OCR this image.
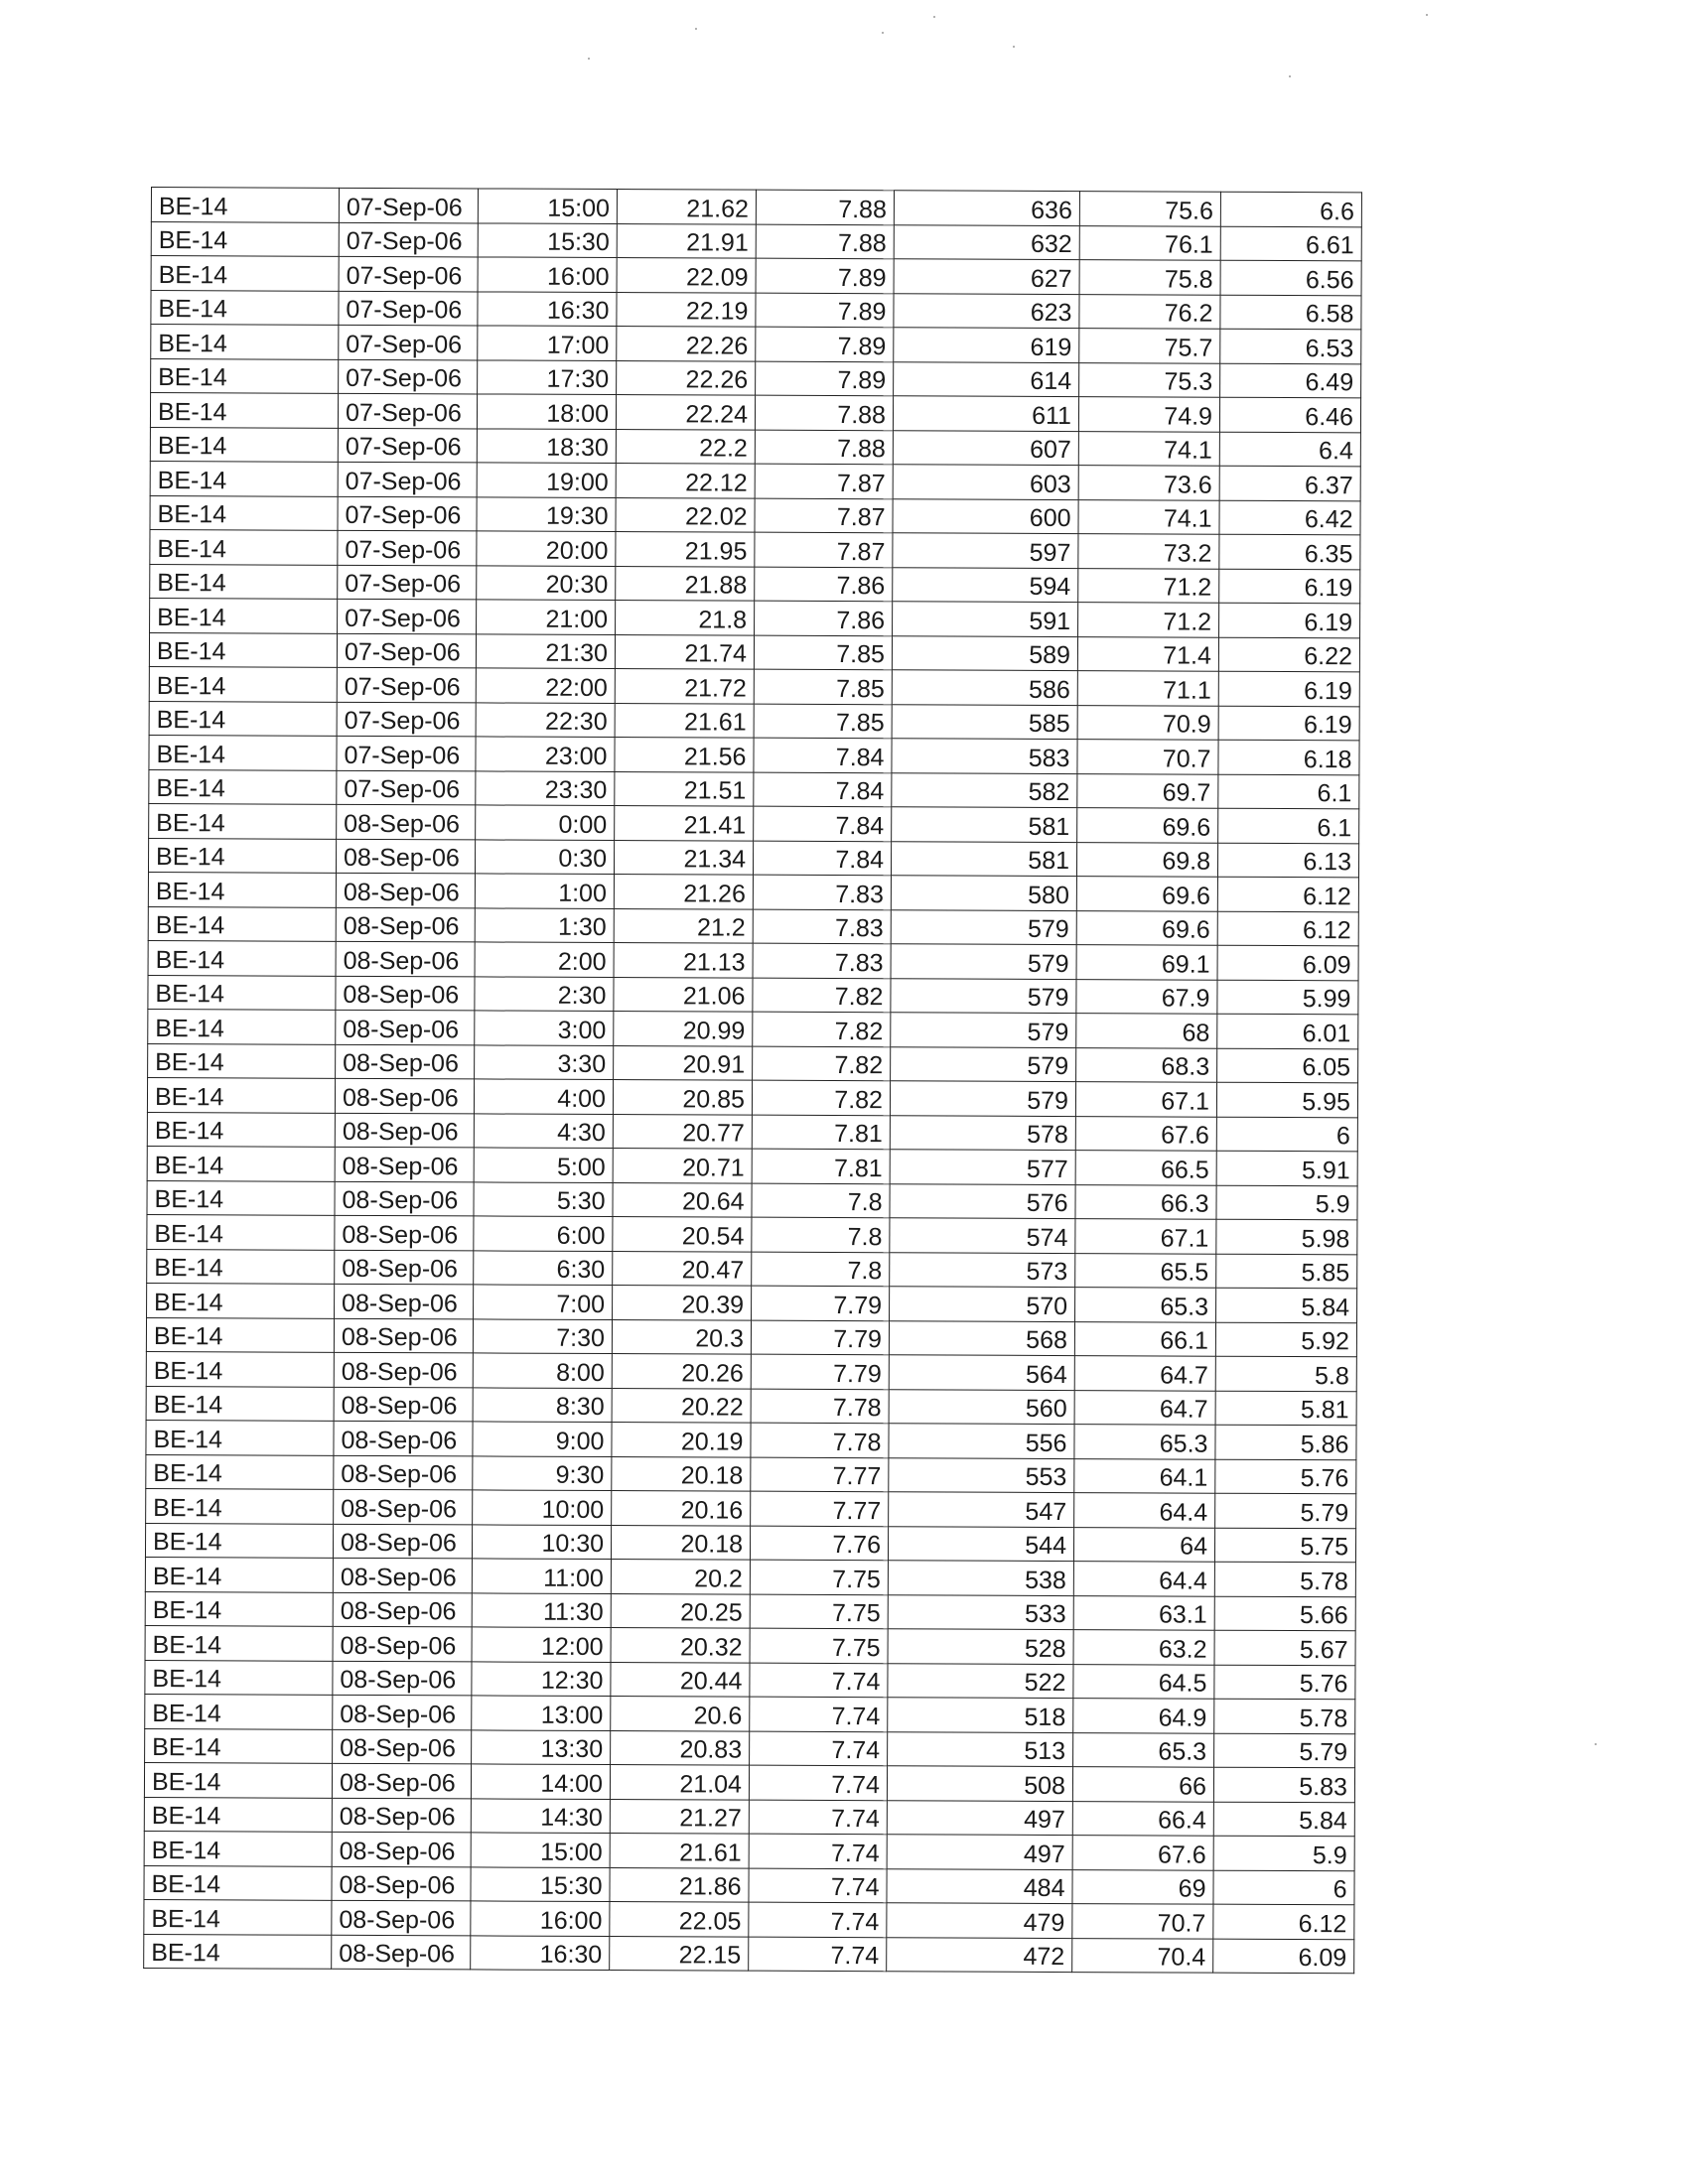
BE-14	07-Sep-06	15:00	21.62	7.88	636	75.6	6.6
BE-14	07-Sep-06	15:30	21.91	7.88	632	76.1	6.61
BE-14	07-Sep-06	16:00	22.09	7.89	627	75.8	6.56
BE-14	07-Sep-06	16:30	22.19	7.89	623	76.2	6.58
BE-14	07-Sep-06	17:00	22.26	7.89	619	75.7	6.53
BE-14	07-Sep-06	17:30	22.26	7.89	614	75.3	6.49
BE-14	07-Sep-06	18:00	22.24	7.88	611	74.9	6.46
BE-14	07-Sep-06	18:30	22.2	7.88	607	74.1	6.4
BE-14	07-Sep-06	19:00	22.12	7.87	603	73.6	6.37
BE-14	07-Sep-06	19:30	22.02	7.87	600	74.1	6.42
BE-14	07-Sep-06	20:00	21.95	7.87	597	73.2	6.35
BE-14	07-Sep-06	20:30	21.88	7.86	594	71.2	6.19
BE-14	07-Sep-06	21:00	21.8	7.86	591	71.2	6.19
BE-14	07-Sep-06	21:30	21.74	7.85	589	71.4	6.22
BE-14	07-Sep-06	22:00	21.72	7.85	586	71.1	6.19
BE-14	07-Sep-06	22:30	21.61	7.85	585	70.9	6.19
BE-14	07-Sep-06	23:00	21.56	7.84	583	70.7	6.18
BE-14	07-Sep-06	23:30	21.51	7.84	582	69.7	6.1
BE-14	08-Sep-06	0:00	21.41	7.84	581	69.6	6.1
BE-14	08-Sep-06	0:30	21.34	7.84	581	69.8	6.13
BE-14	08-Sep-06	1:00	21.26	7.83	580	69.6	6.12
BE-14	08-Sep-06	1:30	21.2	7.83	579	69.6	6.12
BE-14	08-Sep-06	2:00	21.13	7.83	579	69.1	6.09
BE-14	08-Sep-06	2:30	21.06	7.82	579	67.9	5.99
BE-14	08-Sep-06	3:00	20.99	7.82	579	68	6.01
BE-14	08-Sep-06	3:30	20.91	7.82	579	68.3	6.05
BE-14	08-Sep-06	4:00	20.85	7.82	579	67.1	5.95
BE-14	08-Sep-06	4:30	20.77	7.81	578	67.6	6
BE-14	08-Sep-06	5:00	20.71	7.81	577	66.5	5.91
BE-14	08-Sep-06	5:30	20.64	7.8	576	66.3	5.9
BE-14	08-Sep-06	6:00	20.54	7.8	574	67.1	5.98
BE-14	08-Sep-06	6:30	20.47	7.8	573	65.5	5.85
BE-14	08-Sep-06	7:00	20.39	7.79	570	65.3	5.84
BE-14	08-Sep-06	7:30	20.3	7.79	568	66.1	5.92
BE-14	08-Sep-06	8:00	20.26	7.79	564	64.7	5.8
BE-14	08-Sep-06	8:30	20.22	7.78	560	64.7	5.81
BE-14	08-Sep-06	9:00	20.19	7.78	556	65.3	5.86
BE-14	08-Sep-06	9:30	20.18	7.77	553	64.1	5.76
BE-14	08-Sep-06	10:00	20.16	7.77	547	64.4	5.79
BE-14	08-Sep-06	10:30	20.18	7.76	544	64	5.75
BE-14	08-Sep-06	11:00	20.2	7.75	538	64.4	5.78
BE-14	08-Sep-06	11:30	20.25	7.75	533	63.1	5.66
BE-14	08-Sep-06	12:00	20.32	7.75	528	63.2	5.67
BE-14	08-Sep-06	12:30	20.44	7.74	522	64.5	5.76
BE-14	08-Sep-06	13:00	20.6	7.74	518	64.9	5.78
BE-14	08-Sep-06	13:30	20.83	7.74	513	65.3	5.79
BE-14	08-Sep-06	14:00	21.04	7.74	508	66	5.83
BE-14	08-Sep-06	14:30	21.27	7.74	497	66.4	5.84
BE-14	08-Sep-06	15:00	21.61	7.74	497	67.6	5.9
BE-14	08-Sep-06	15:30	21.86	7.74	484	69	6
BE-14	08-Sep-06	16:00	22.05	7.74	479	70.7	6.12
BE-14	08-Sep-06	16:30	22.15	7.74	472	70.4	6.09
